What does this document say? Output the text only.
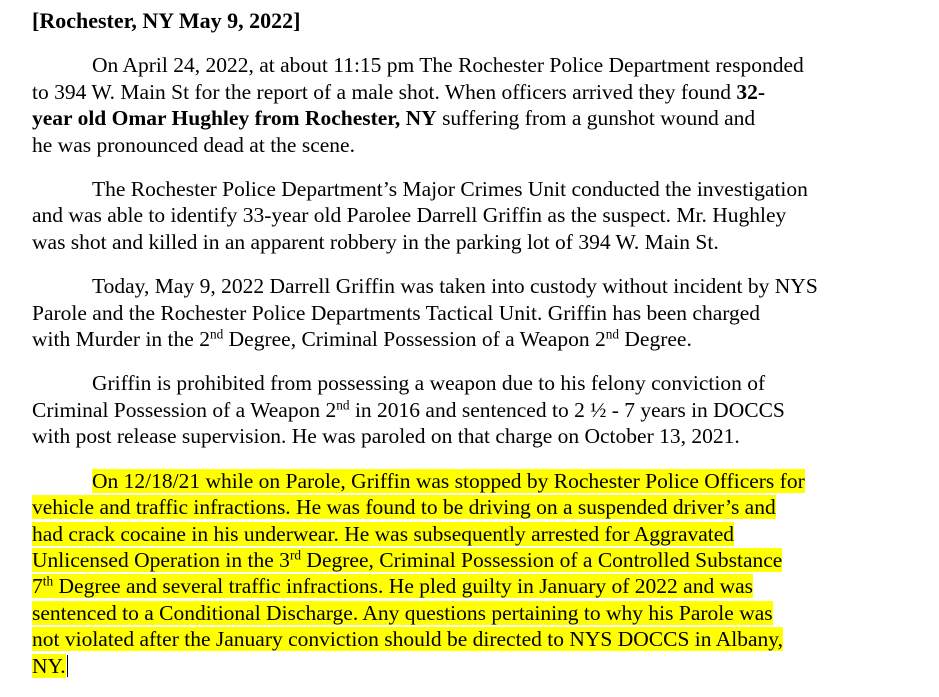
[Rochester, NY May 9, 2022]
On April 24, 2022, at about 11:15 pm The Rochester Police Department responded
to 394 W. Main St for the report of a male shot. When officers arrived they found 32-
year old Omar Hughley from Rochester, NY suffering from a gunshot wound and
he was pronounced dead at the scene.
The Rochester Police Department’s Major Crimes Unit conducted the investigation
and was able to identify 33-year old Parolee Darrell Griffin as the suspect. Mr. Hughley
was shot and killed in an apparent robbery in the parking lot of 394 W. Main St.
Today, May 9, 2022 Darrell Griffin was taken into custody without incident by NYS
Parole and the Rochester Police Departments Tactical Unit. Griffin has been charged
with Murder in the 2nd Degree, Criminal Possession of a Weapon 2nd Degree.
Griffin is prohibited from possessing a weapon due to his felony conviction of
Criminal Possession of a Weapon 2nd in 2016 and sentenced to 2 ½ - 7 years in DOCCS
with post release supervision. He was paroled on that charge on October 13, 2021.
On 12/18/21 while on Parole, Griffin was stopped by Rochester Police Officers for
vehicle and traffic infractions. He was found to be driving on a suspended driver’s and
had crack cocaine in his underwear. He was subsequently arrested for Aggravated
Unlicensed Operation in the 3rd Degree, Criminal Possession of a Controlled Substance
7th Degree and several traffic infractions. He pled guilty in January of 2022 and was
sentenced to a Conditional Discharge. Any questions pertaining to why his Parole was
not violated after the January conviction should be directed to NYS DOCCS in Albany,
NY.
